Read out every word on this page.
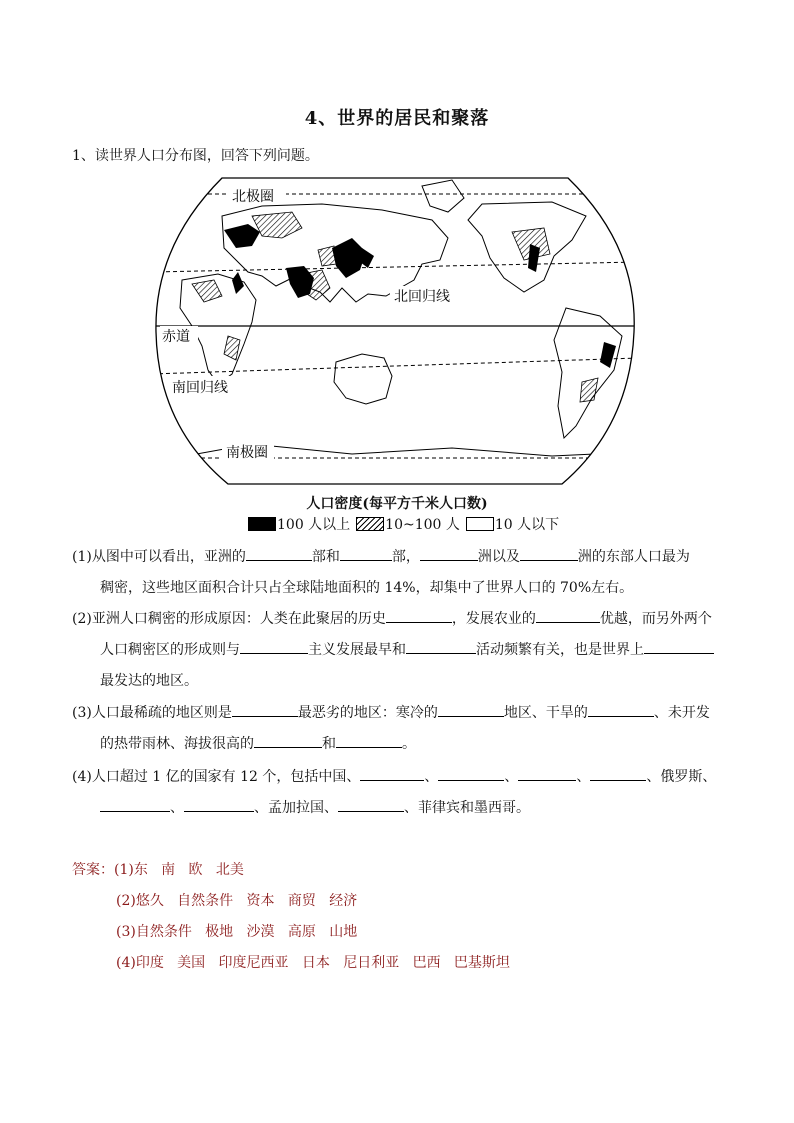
4、世界的居民和聚落
1、读世界人口分布图，回答下列问题。
北极圈
北回归线
赤道
南回归线
南极圈
人口密度(每平方千米人口数)
100 人以上	10~100 人	10 人以下
(1)从图中可以看出，亚洲的	部和	部，	洲以及	洲的东部人口最为
稠密，这些地区面积合计只占全球陆地面积的 14%，却集中了世界人口的 70%左右。
(2)亚洲人口稠密的形成原因：人类在此聚居的历史	，发展农业的	优越，而另外两个
人口稠密区的形成则与	主义发展最早和	活动频繁有关，也是世界上
最发达的地区。
(3)人口最稀疏的地区则是	最恶劣的地区：寒冷的	地区、干旱的	、未开发
的热带雨林、海拔很高的	和	。
(4)人口超过 1 亿的国家有 12 个，包括中国、	、	、	、	、俄罗斯、
、	、孟加拉国、	、菲律宾和墨西哥。
答案：(1)东   南   欧   北美
(2)悠久   自然条件   资本   商贸   经济
(3)自然条件   极地   沙漠   高原   山地
(4)印度   美国   印度尼西亚   日本   尼日利亚   巴西   巴基斯坦
